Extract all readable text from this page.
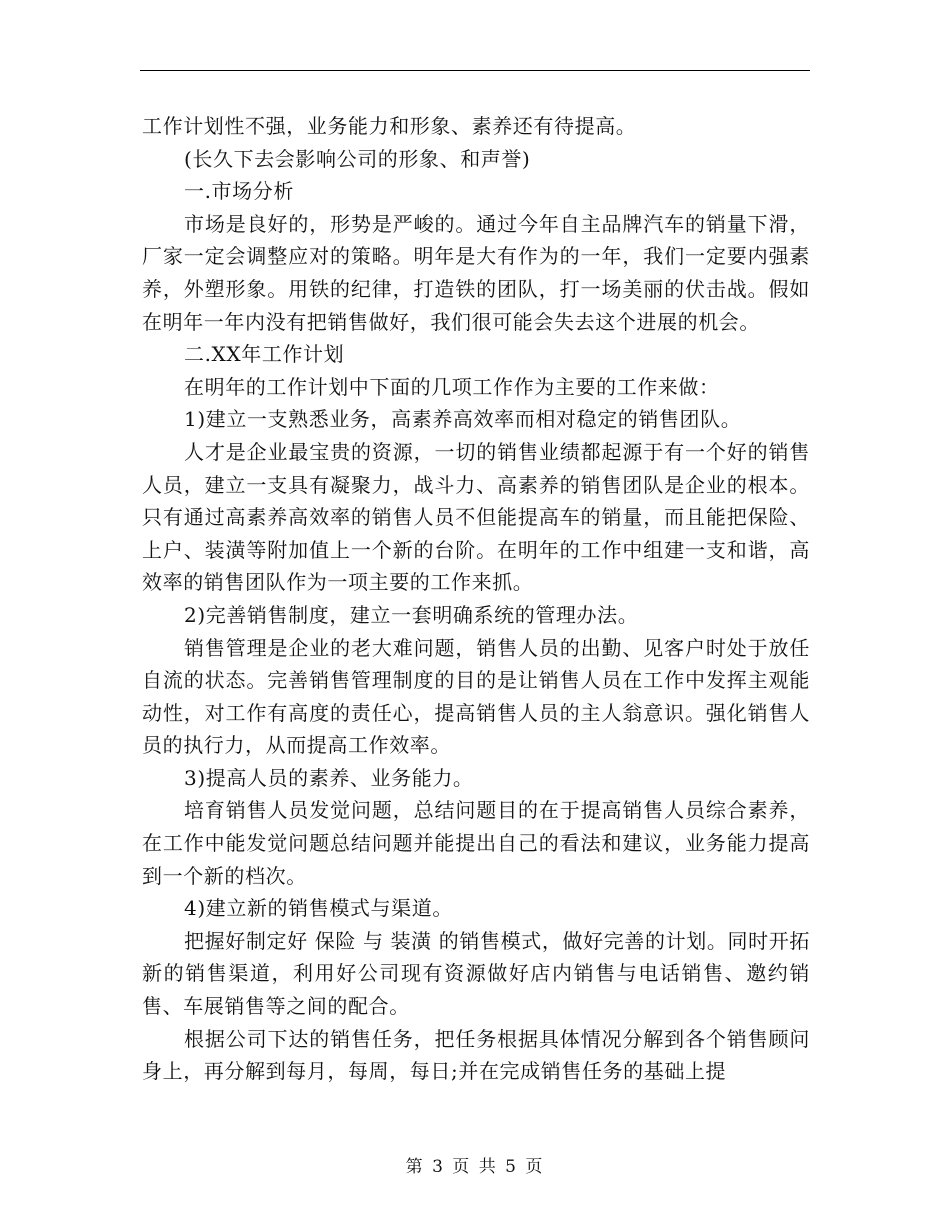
工作计划性不强，业务能力和形象、素养还有待提高。

(长久下去会影响公司的形象、和声誉)

一.市场分析

市场是良好的，形势是严峻的。通过今年自主品牌汽车的销量下滑，厂家一定会调整应对的策略。明年是大有作为的一年，我们一定要内强素养，外塑形象。用铁的纪律，打造铁的团队，打一场美丽的伏击战。假如在明年一年内没有把销售做好，我们很可能会失去这个进展的机会。

二.XX年工作计划

在明年的工作计划中下面的几项工作作为主要的工作来做：

1)建立一支熟悉业务，高素养高效率而相对稳定的销售团队。

人才是企业最宝贵的资源，一切的销售业绩都起源于有一个好的销售人员，建立一支具有凝聚力，战斗力、高素养的销售团队是企业的根本。只有通过高素养高效率的销售人员不但能提高车的销量，而且能把保险、上户、装潢等附加值上一个新的台阶。在明年的工作中组建一支和谐，高效率的销售团队作为一项主要的工作来抓。

2)完善销售制度，建立一套明确系统的管理办法。

销售管理是企业的老大难问题，销售人员的出勤、见客户时处于放任自流的状态。完善销售管理制度的目的是让销售人员在工作中发挥主观能动性，对工作有高度的责任心，提高销售人员的主人翁意识。强化销售人员的执行力，从而提高工作效率。

3)提高人员的素养、业务能力。

培育销售人员发觉问题，总结问题目的在于提高销售人员综合素养，在工作中能发觉问题总结问题并能提出自己的看法和建议，业务能力提高到一个新的档次。

4)建立新的销售模式与渠道。

把握好制定好 保险 与 装潢 的销售模式，做好完善的计划。同时开拓新的销售渠道，利用好公司现有资源做好店内销售与电话销售、邀约销售、车展销售等之间的配合。

根据公司下达的销售任务，把任务根据具体情况分解到各个销售顾问身上，再分解到每月，每周，每日;并在完成销售任务的基础上提

第 3 页 共 5 页
